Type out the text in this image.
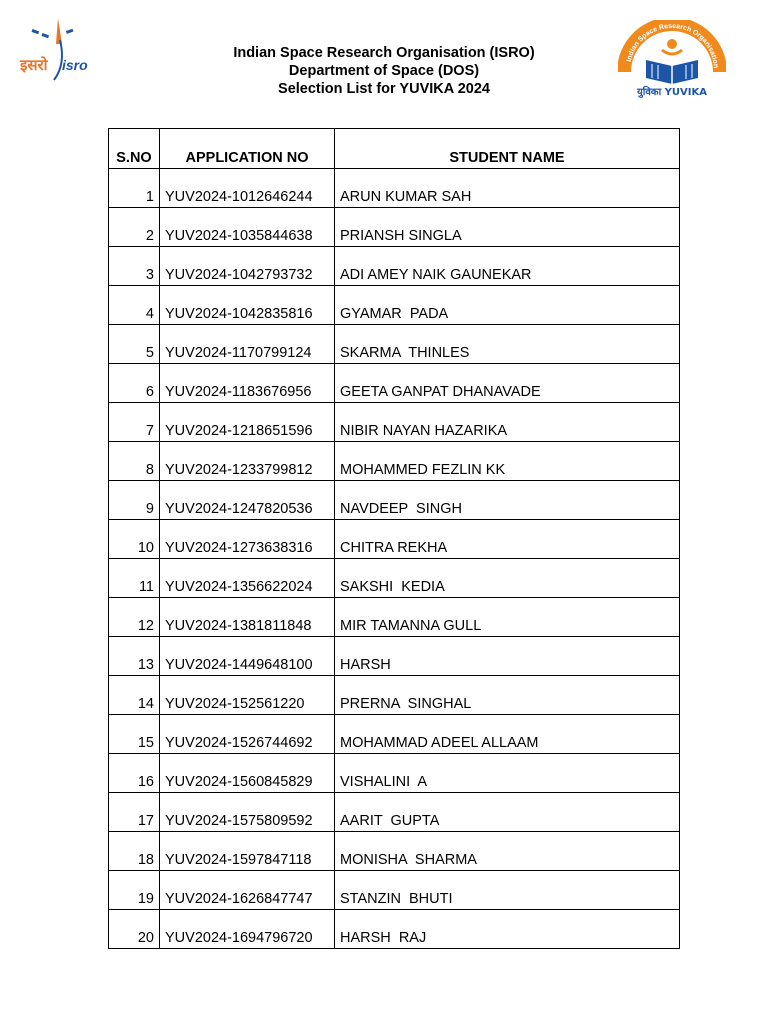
इसरो isro
Indian Space Research Organisation (ISRO)
Department of Space (DOS)
Selection List for YUVIKA 2024
Indian Space Research Organisation
युविका YUVIKA
S.NO	APPLICATION NO	STUDENT NAME
1	YUV2024-1012646244	ARUN KUMAR SAH
2	YUV2024-1035844638	PRIANSH SINGLA
3	YUV2024-1042793732	ADI AMEY NAIK GAUNEKAR
4	YUV2024-1042835816	GYAMAR  PADA
5	YUV2024-1170799124	SKARMA  THINLES
6	YUV2024-1183676956	GEETA GANPAT DHANAVADE
7	YUV2024-1218651596	NIBIR NAYAN HAZARIKA
8	YUV2024-1233799812	MOHAMMED FEZLIN KK
9	YUV2024-1247820536	NAVDEEP  SINGH
10	YUV2024-1273638316	CHITRA REKHA
11	YUV2024-1356622024	SAKSHI  KEDIA
12	YUV2024-1381811848	MIR TAMANNA GULL
13	YUV2024-1449648100	HARSH
14	YUV2024-152561220	PRERNA  SINGHAL
15	YUV2024-1526744692	MOHAMMAD ADEEL ALLAAM
16	YUV2024-1560845829	VISHALINI  A
17	YUV2024-1575809592	AARIT  GUPTA
18	YUV2024-1597847118	MONISHA  SHARMA
19	YUV2024-1626847747	STANZIN  BHUTI
20	YUV2024-1694796720	HARSH  RAJ
